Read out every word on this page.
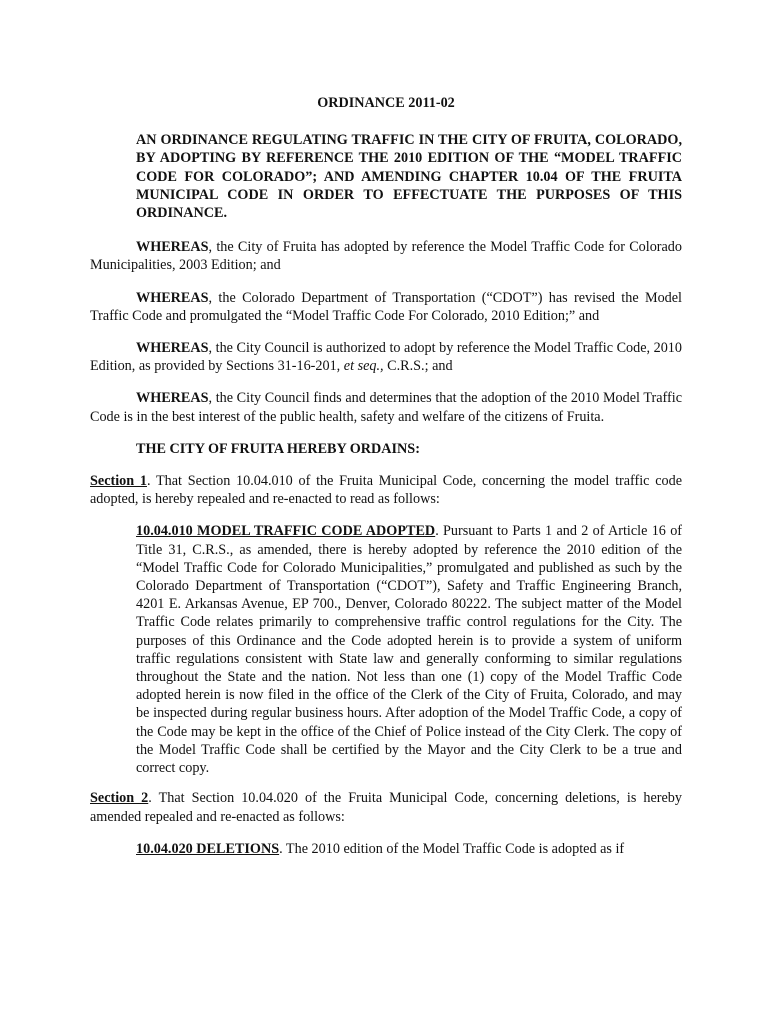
ORDINANCE 2011-02
AN ORDINANCE REGULATING TRAFFIC IN THE CITY OF FRUITA, COLORADO, BY ADOPTING BY REFERENCE THE 2010 EDITION OF THE “MODEL TRAFFIC CODE FOR COLORADO”; AND AMENDING CHAPTER 10.04 OF THE FRUITA MUNICIPAL CODE IN ORDER TO EFFECTUATE THE PURPOSES OF THIS ORDINANCE.

WHEREAS, the City of Fruita has adopted by reference the Model Traffic Code for Colorado Municipalities, 2003 Edition; and

WHEREAS, the Colorado Department of Transportation (“CDOT”) has revised the Model Traffic Code and promulgated the “Model Traffic Code For Colorado, 2010 Edition;” and

WHEREAS, the City Council is authorized to adopt by reference the Model Traffic Code, 2010 Edition, as provided by Sections 31-16-201, et seq., C.R.S.; and

WHEREAS, the City Council finds and determines that the adoption of the 2010 Model Traffic Code is in the best interest of the public health, safety and welfare of the citizens of Fruita.

THE CITY OF FRUITA HEREBY ORDAINS:

Section 1. That Section 10.04.010 of the Fruita Municipal Code, concerning the model traffic code adopted, is hereby repealed and re-enacted to read as follows:

10.04.010 MODEL TRAFFIC CODE ADOPTED. Pursuant to Parts 1 and 2 of Article 16 of Title 31, C.R.S., as amended, there is hereby adopted by reference the 2010 edition of the “Model Traffic Code for Colorado Municipalities,” promulgated and published as such by the Colorado Department of Transportation (“CDOT”), Safety and Traffic Engineering Branch, 4201 E. Arkansas Avenue, EP 700., Denver, Colorado 80222. The subject matter of the Model Traffic Code relates primarily to comprehensive traffic control regulations for the City. The purposes of this Ordinance and the Code adopted herein is to provide a system of uniform traffic regulations consistent with State law and generally conforming to similar regulations throughout the State and the nation. Not less than one (1) copy of the Model Traffic Code adopted herein is now filed in the office of the Clerk of the City of Fruita, Colorado, and may be inspected during regular business hours. After adoption of the Model Traffic Code, a copy of the Code may be kept in the office of the Chief of Police instead of the City Clerk. The copy of the Model Traffic Code shall be certified by the Mayor and the City Clerk to be a true and correct copy.

Section 2. That Section 10.04.020 of the Fruita Municipal Code, concerning deletions, is hereby amended repealed and re-enacted as follows:

10.04.020 DELETIONS. The 2010 edition of the Model Traffic Code is adopted as if
